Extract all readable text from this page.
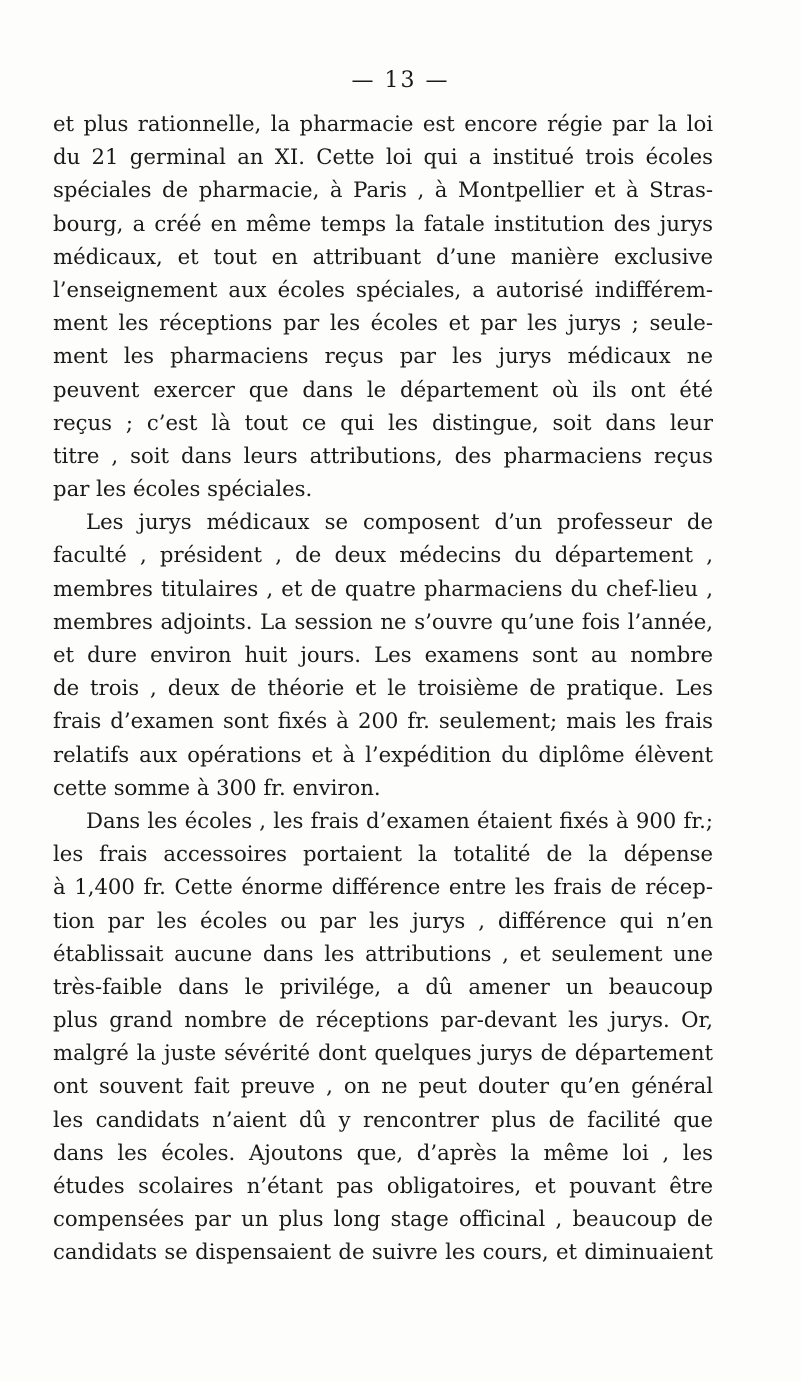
— 13 —
et plus rationnelle, la pharmacie est encore régie par la loi
du 21 germinal an XI. Cette loi qui a institué trois écoles
spéciales de pharmacie, à Paris , à Montpellier et à Stras-
bourg, a créé en même temps la fatale institution des jurys
médicaux, et tout en attribuant d’une manière exclusive
l’enseignement aux écoles spéciales, a autorisé indifférem-
ment les réceptions par les écoles et par les jurys ; seule-
ment les pharmaciens reçus par les jurys médicaux ne
peuvent exercer que dans le département où ils ont été
reçus ; c’est là tout ce qui les distingue, soit dans leur
titre , soit dans leurs attributions, des pharmaciens reçus
par les écoles spéciales.
Les jurys médicaux se composent d’un professeur de
faculté , président , de deux médecins du département ,
membres titulaires , et de quatre pharmaciens du chef-lieu ,
membres adjoints. La session ne s’ouvre qu’une fois l’année,
et dure environ huit jours. Les examens sont au nombre
de trois , deux de théorie et le troisième de pratique. Les
frais d’examen sont fixés à 200 fr. seulement; mais les frais
relatifs aux opérations et à l’expédition du diplôme élèvent
cette somme à 300 fr. environ.
Dans les écoles , les frais d’examen étaient fixés à 900 fr.;
les frais accessoires portaient la totalité de la dépense
à 1,400 fr. Cette énorme différence entre les frais de récep-
tion par les écoles ou par les jurys , différence qui n’en
établissait aucune dans les attributions , et seulement une
très-faible dans le privilége, a dû amener un beaucoup
plus grand nombre de réceptions par-devant les jurys. Or,
malgré la juste sévérité dont quelques jurys de département
ont souvent fait preuve , on ne peut douter qu’en général
les candidats n’aient dû y rencontrer plus de facilité que
dans les écoles. Ajoutons que, d’après la même loi , les
études scolaires n’étant pas obligatoires, et pouvant être
compensées par un plus long stage officinal , beaucoup de
candidats se dispensaient de suivre les cours, et diminuaient
